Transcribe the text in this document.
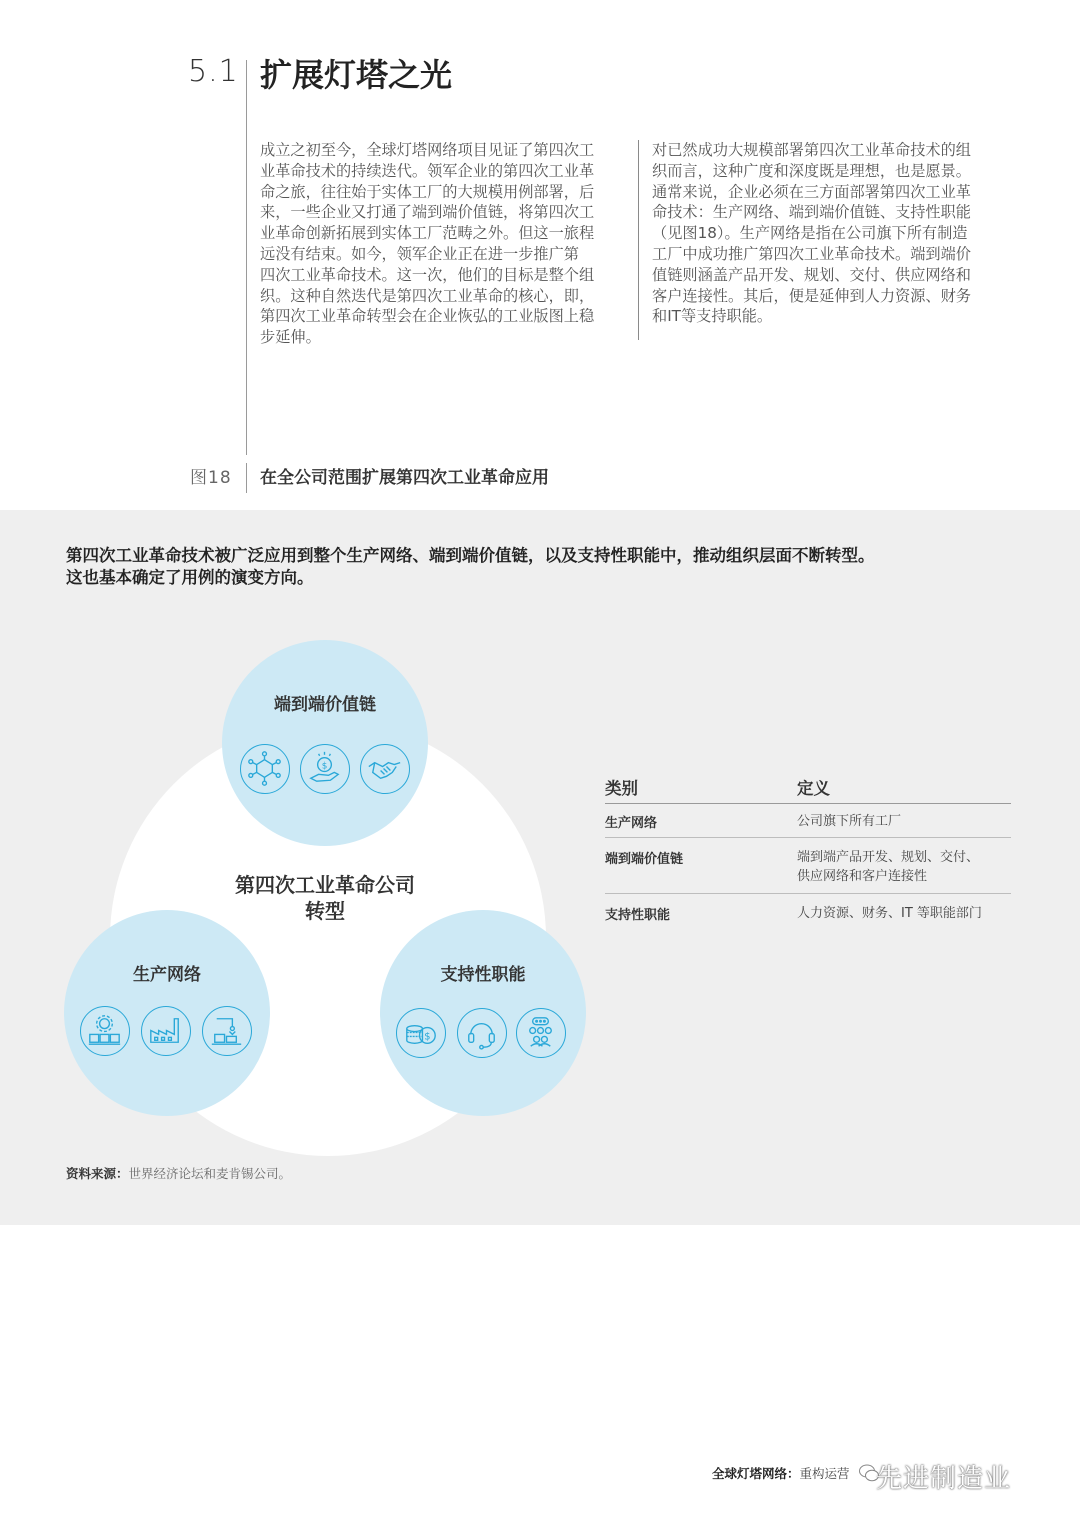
5.1 扩展灯塔之光
成立之初至今，全球灯塔网络项目见证了第四次工
业革命技术的持续迭代。领军企业的第四次工业革
命之旅，往往始于实体工厂的大规模用例部署，后
来，一些企业又打通了端到端价值链，将第四次工
业革命创新拓展到实体工厂范畴之外。但这一旅程
远没有结束。如今，领军企业正在进一步推广第
四次工业革命技术。这一次，他们的目标是整个组
织。这种自然迭代是第四次工业革命的核心，即，
第四次工业革命转型会在企业恢弘的工业版图上稳
步延伸。
对已然成功大规模部署第四次工业革命技术的组
织而言，这种广度和深度既是理想，也是愿景。
通常来说，企业必须在三方面部署第四次工业革
命技术：生产网络、端到端价值链、支持性职能
（见图18）。生产网络是指在公司旗下所有制造
工厂中成功推广第四次工业革命技术。端到端价
值链则涵盖产品开发、规划、交付、供应网络和
客户连接性。其后，便是延伸到人力资源、财务
和IT等支持职能。
图18 在全公司范围扩展第四次工业革命应用
第四次工业革命技术被广泛应用到整个生产网络、端到端价值链，以及支持性职能中，推动组织层面不断转型。
这也基本确定了用例的演变方向。
第四次工业革命公司
转型
端到端价值链
$
生产网络	支持性职能
$
类别	定义
生产网络	公司旗下所有工厂
端到端价值链	端到端产品开发、规划、交付、
供应网络和客户连接性
支持性职能	人力资源、财务、IT 等职能部门
资料来源：世界经济论坛和麦肯锡公司。
全球灯塔网络：重构运营 先进制造业
